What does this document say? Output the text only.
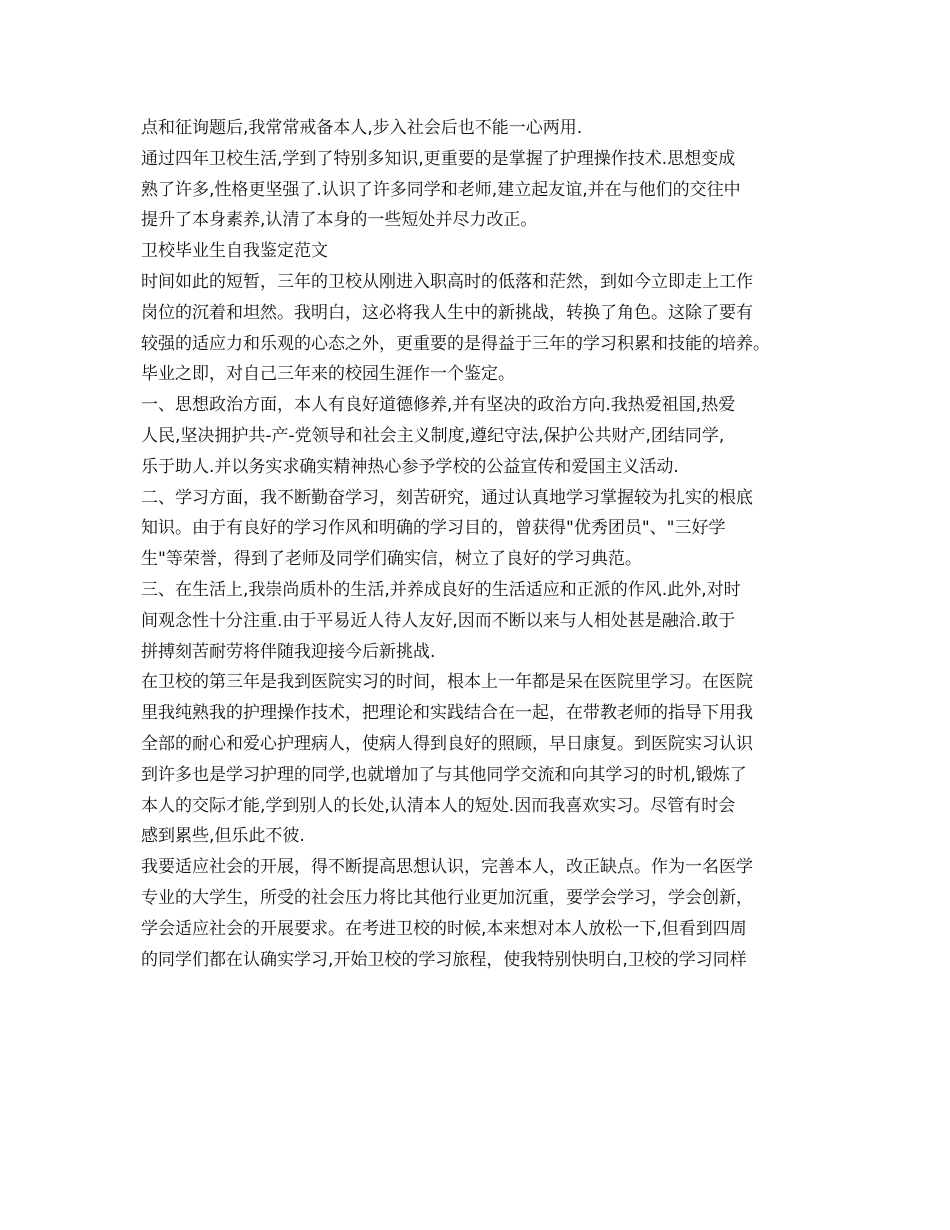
点和征询题后,我常常戒备本人,步入社会后也不能一心两用.
通过四年卫校生活,学到了特别多知识,更重要的是掌握了护理操作技术.思想变成
熟了许多,性格更坚强了.认识了许多同学和老师,建立起友谊,并在与他们的交往中
提升了本身素养,认清了本身的一些短处并尽力改正。
卫校毕业生自我鉴定范文
时间如此的短暂，三年的卫校从刚进入职高时的低落和茫然，到如今立即走上工作
岗位的沉着和坦然。我明白，这必将我人生中的新挑战，转换了角色。这除了要有
较强的适应力和乐观的心态之外，更重要的是得益于三年的学习积累和技能的培养。
毕业之即，对自己三年来的校园生涯作一个鉴定。
一、思想政治方面，本人有良好道德修养,并有坚决的政治方向.我热爱祖国,热爱
人民,坚决拥护共-产-党领导和社会主义制度,遵纪守法,保护公共财产,团结同学,
乐于助人.并以务实求确实精神热心参予学校的公益宣传和爱国主义活动.
二、学习方面，我不断勤奋学习，刻苦研究，通过认真地学习掌握较为扎实的根底
知识。由于有良好的学习作风和明确的学习目的，曾获得"优秀团员"、"三好学
生"等荣誉，得到了老师及同学们确实信，树立了良好的学习典范。
三、在生活上,我崇尚质朴的生活,并养成良好的生活适应和正派的作风.此外,对时
间观念性十分注重.由于平易近人待人友好,因而不断以来与人相处甚是融洽.敢于
拼搏刻苦耐劳将伴随我迎接今后新挑战.
在卫校的第三年是我到医院实习的时间，根本上一年都是呆在医院里学习。在医院
里我纯熟我的护理操作技术，把理论和实践结合在一起，在带教老师的指导下用我
全部的耐心和爱心护理病人，使病人得到良好的照顾，早日康复。到医院实习认识
到许多也是学习护理的同学,也就增加了与其他同学交流和向其学习的时机,锻炼了
本人的交际才能,学到别人的长处,认清本人的短处.因而我喜欢实习。尽管有时会
感到累些,但乐此不彼.
我要适应社会的开展，得不断提高思想认识，完善本人，改正缺点。作为一名医学
专业的大学生，所受的社会压力将比其他行业更加沉重，要学会学习，学会创新，
学会适应社会的开展要求。在考进卫校的时候,本来想对本人放松一下,但看到四周
的同学们都在认确实学习,开始卫校的学习旅程，使我特别快明白,卫校的学习同样
